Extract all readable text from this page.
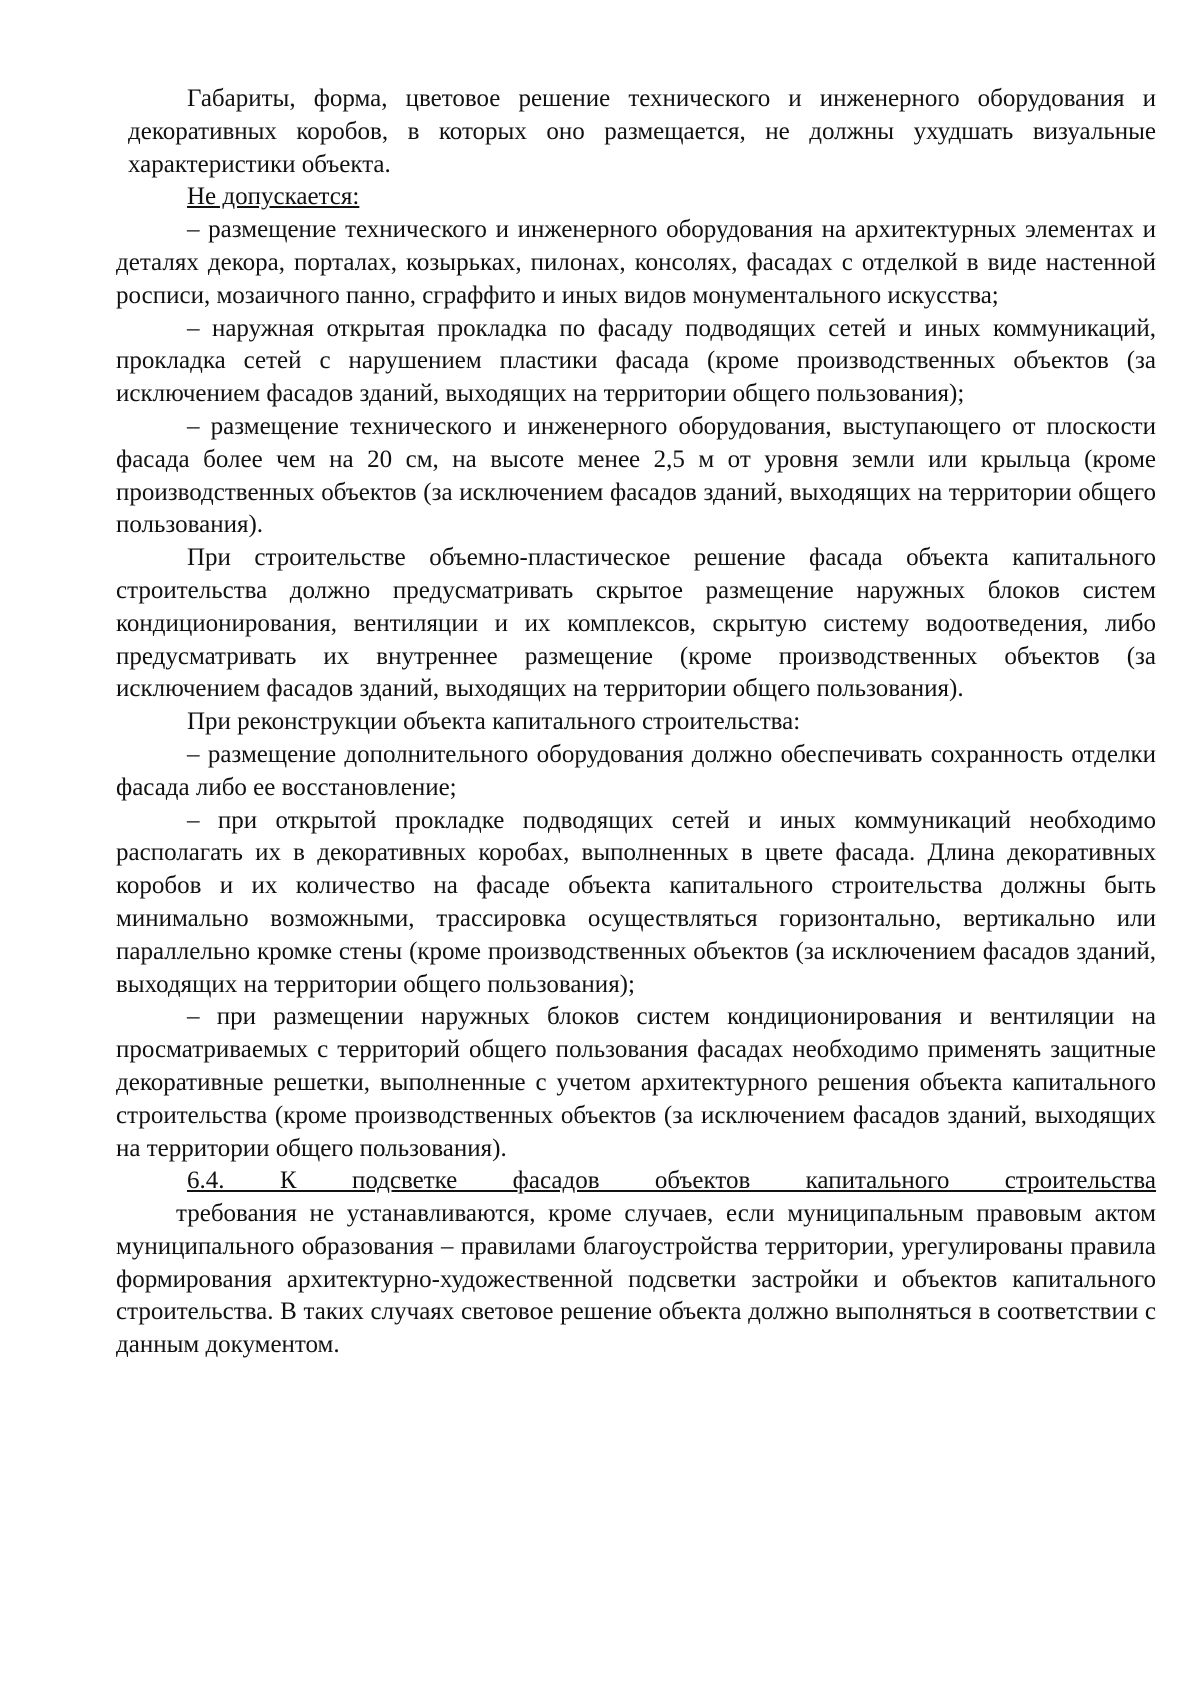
Габариты, форма, цветовое решение технического и инженерного оборудования и декоративных коробов, в которых оно размещается, не должны ухудшать визуальные характеристики объекта.

Не допускается:

– размещение технического и инженерного оборудования на архитектурных элементах и деталях декора, порталах, козырьках, пилонах, консолях, фасадах с отделкой в виде настенной росписи, мозаичного панно, сграффито и иных видов монументального искусства;

– наружная открытая прокладка по фасаду подводящих сетей и иных коммуникаций, прокладка сетей с нарушением пластики фасада (кроме производственных объектов (за исключением фасадов зданий, выходящих на территории общего пользования);

– размещение технического и инженерного оборудования, выступающего от плоскости фасада более чем на 20 см, на высоте менее 2,5 м от уровня земли или крыльца (кроме производственных объектов (за исключением фасадов зданий, выходящих на территории общего пользования).

При строительстве объемно-пластическое решение фасада объекта капитального строительства должно предусматривать скрытое размещение наружных блоков систем кондиционирования, вентиляции и их комплексов, скрытую систему водоотведения, либо предусматривать их внутреннее размещение (кроме производственных объектов (за исключением фасадов зданий, выходящих на территории общего пользования).

При реконструкции объекта капитального строительства:

– размещение дополнительного оборудования должно обеспечивать сохранность отделки фасада либо ее восстановление;

– при открытой прокладке подводящих сетей и иных коммуникаций необходимо располагать их в декоративных коробах, выполненных в цвете фасада. Длина декоративных коробов и их количество на фасаде объекта капитального строительства должны быть минимально возможными, трассировка осуществляться горизонтально, вертикально или параллельно кромке стены (кроме производственных объектов (за исключением фасадов зданий, выходящих на территории общего пользования);

– при размещении наружных блоков систем кондиционирования и вентиляции на просматриваемых с территорий общего пользования фасадах необходимо применять защитные декоративные решетки, выполненные с учетом архитектурного решения объекта капитального строительства (кроме производственных объектов (за исключением фасадов зданий, выходящих на территории общего пользования).

6.4. К подсветке фасадов объектов капитального строительства

требования не устанавливаются, кроме случаев, если муниципальным правовым актом муниципального образования – правилами благоустройства территории, урегулированы правила формирования архитектурно-художественной подсветки застройки и объектов капитального строительства. В таких случаях световое решение объекта должно выполняться в соответствии с данным документом.
